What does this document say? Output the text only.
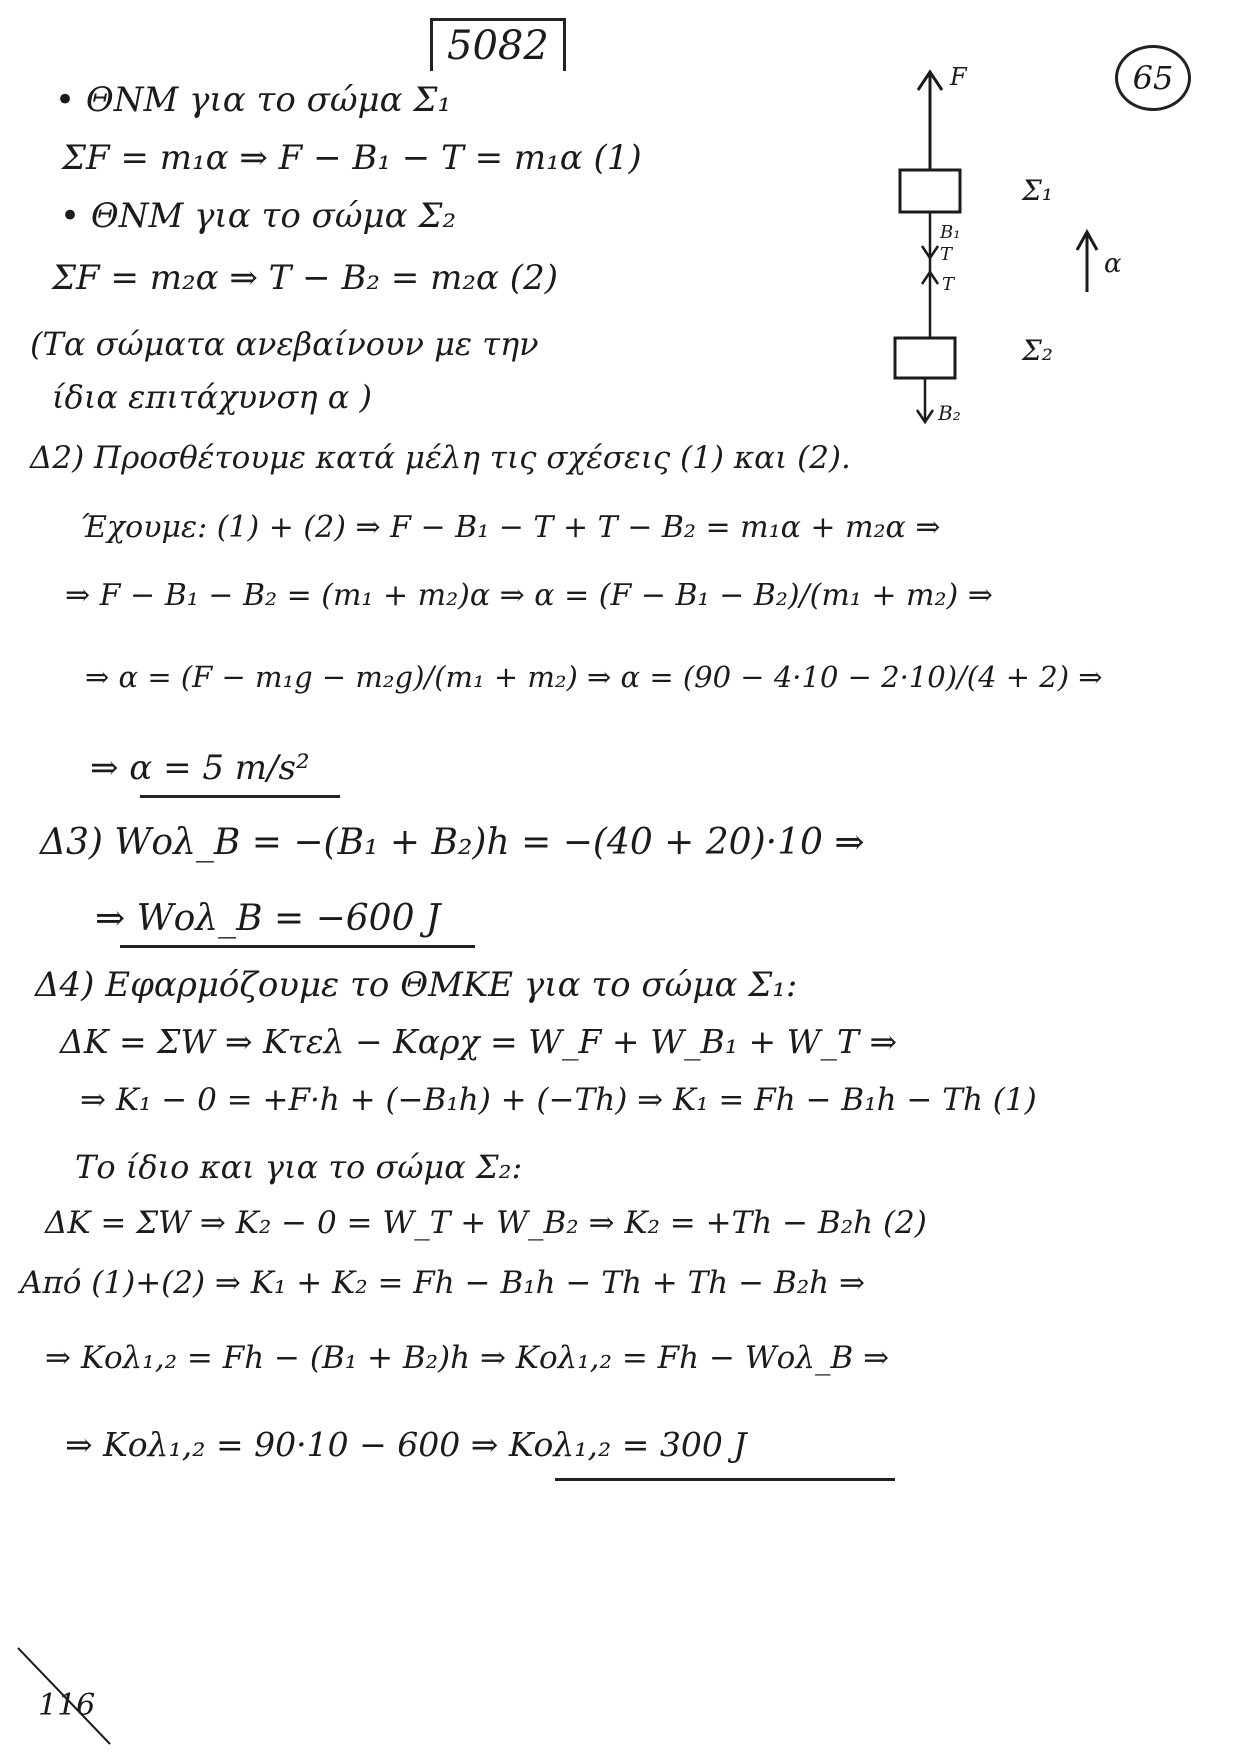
5082
65
F
Σ₁
B₁
T
T
Σ₂
B₂
α
• ΘΝΜ για το σώμα Σ₁
ΣF = m₁α ⇒ F − B₁ − T = m₁α (1)
• ΘΝΜ για το σώμα Σ₂
ΣF = m₂α ⇒ T − B₂ = m₂α (2)
(Τα σώματα ανεβαίνουν με την
ίδια επιτάχυνση α )
Δ2) Προσθέτουμε κατά μέλη τις σχέσεις (1) και (2).
Έχουμε: (1) + (2) ⇒ F − B₁ − T + T − B₂ = m₁α + m₂α ⇒
⇒ F − B₁ − B₂ = (m₁ + m₂)α ⇒ α = (F − B₁ − B₂)/(m₁ + m₂) ⇒
⇒ α = (F − m₁g − m₂g)/(m₁ + m₂) ⇒ α = (90 − 4·10 − 2·10)/(4 + 2) ⇒
⇒ α = 5 m/s²
Δ3) Wολ_B = −(B₁ + B₂)h = −(40 + 20)·10 ⇒
⇒ Wολ_B = −600 J
Δ4) Εφαρμόζουμε το ΘΜΚΕ για το σώμα Σ₁:
ΔK = ΣW ⇒ Kτελ − Kαρχ = W_F + W_B₁ + W_T ⇒
⇒ K₁ − 0 = +F·h + (−B₁h) + (−Th) ⇒ K₁ = Fh − B₁h − Th (1)
Το ίδιο και για το σώμα Σ₂:
ΔK = ΣW ⇒ K₂ − 0 = W_T + W_B₂ ⇒ K₂ = +Th − B₂h (2)
Από (1)+(2) ⇒ K₁ + K₂ = Fh − B₁h − Th + Th − B₂h ⇒
⇒ Kολ₁,₂ = Fh − (B₁ + B₂)h ⇒ Kολ₁,₂ = Fh − Wολ_B ⇒
⇒ Kολ₁,₂ = 90·10 − 600 ⇒ Kολ₁,₂ = 300 J
116
